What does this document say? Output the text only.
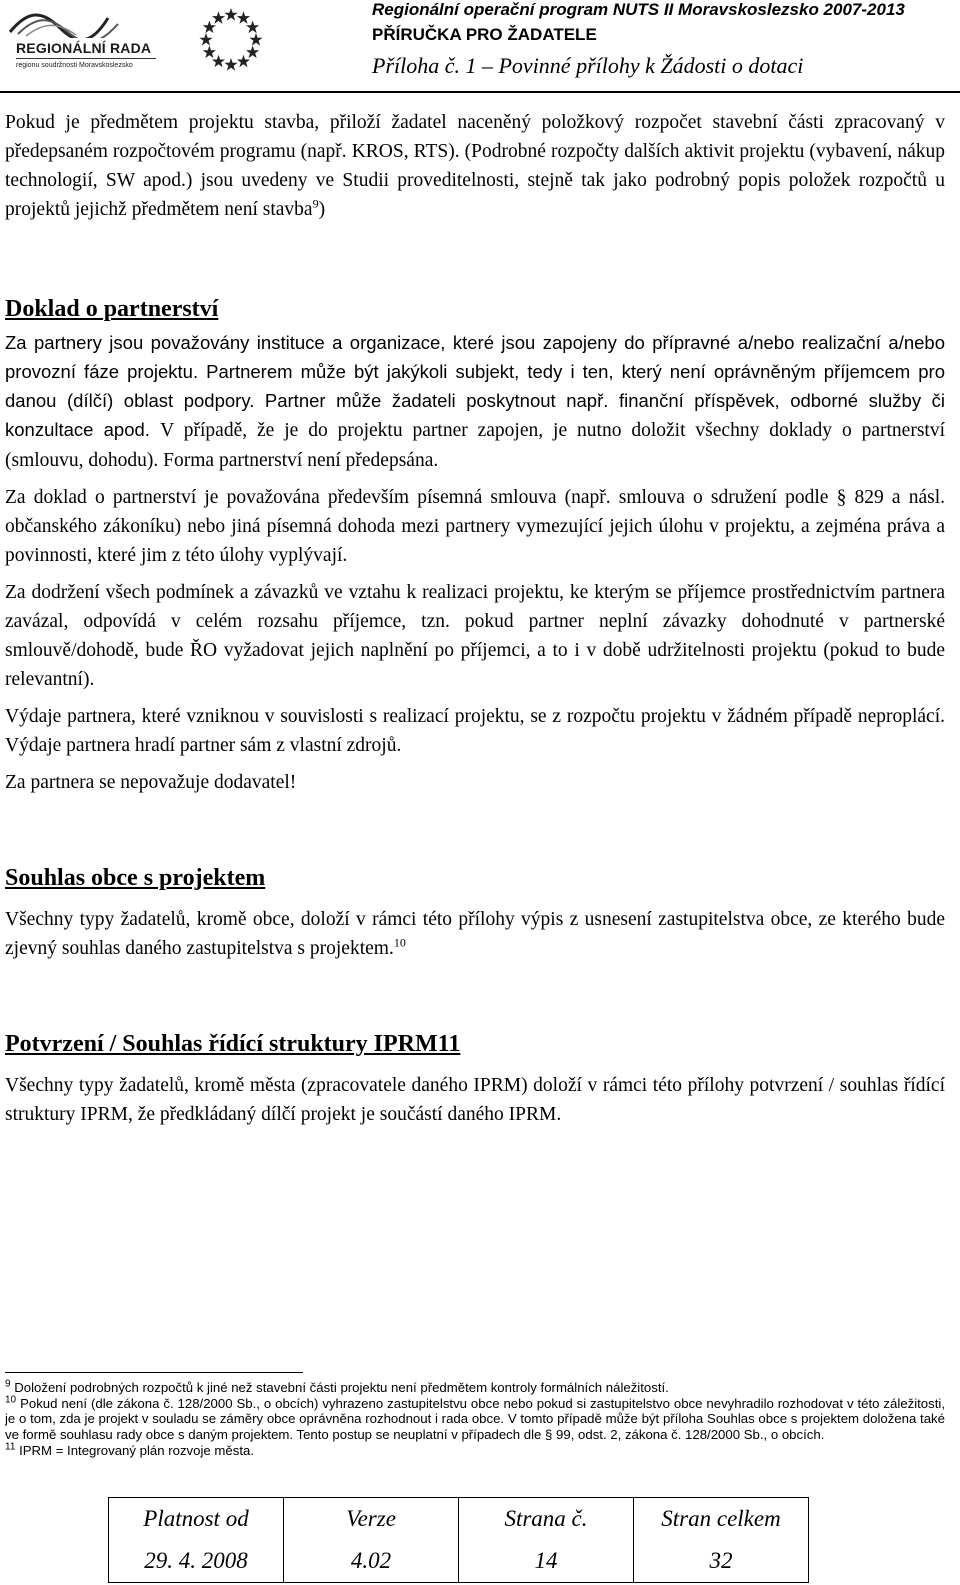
REGIONÁLNÍ RADA
regionu soudržnosti Moravskoslezsko
Regionální operační program NUTS II Moravskoslezsko 2007-2013
PŘÍRUČKA PRO ŽADATELE
Příloha č. 1 – Povinné přílohy k Žádosti o dotaci

Pokud je předmětem projektu stavba, přiloží žadatel naceněný položkový rozpočet stavební části zpracovaný v předepsaném rozpočtovém programu (např. KROS, RTS). (Podrobné rozpočty dalších aktivit projektu (vybavení, nákup technologií, SW apod.) jsou uvedeny ve Studii proveditelnosti, stejně tak jako podrobný popis položek rozpočtů u projektů jejichž předmětem není stavba$^9$)

Doklad o partnerství

Za partnery jsou považovány instituce a organizace, které jsou zapojeny do přípravné a/nebo realizační a/nebo provozní fáze projektu. Partnerem může být jakýkoli subjekt, tedy i ten, který není oprávněným příjemcem pro danou (dílčí) oblast podpory. Partner může žadateli poskytnout např. finanční příspěvek, odborné služby či konzultace apod. V případě, že je do projektu partner zapojen, je nutno doložit všechny doklady o partnerství (smlouvu, dohodu). Forma partnerství není předepsána.

Za doklad o partnerství je považována především písemná smlouva (např. smlouva o sdružení podle § 829 a násl. občanského zákoníku) nebo jiná písemná dohoda mezi partnery vymezující jejich úlohu v projektu, a zejména práva a povinnosti, které jim z této úlohy vyplývají.

Za dodržení všech podmínek a závazků ve vztahu k realizaci projektu, ke kterým se příjemce prostřednictvím partnera zavázal, odpovídá v celém rozsahu příjemce, tzn. pokud partner neplní závazky dohodnuté v partnerské smlouvě/dohodě, bude ŘO vyžadovat jejich naplnění po příjemci, a to i v době udržitelnosti projektu (pokud to bude relevantní).

Výdaje partnera, které vzniknou v souvislosti s realizací projektu, se z rozpočtu projektu v žádném případě neproplácí. Výdaje partnera hradí partner sám z vlastní zdrojů.

Za partnera se nepovažuje dodavatel!

Souhlas obce s projektem

Všechny typy žadatelů, kromě obce, doloží v rámci této přílohy výpis z usnesení zastupitelstva obce, ze kterého bude zjevný souhlas daného zastupitelstva s projektem.$^{10}$

Potvrzení / Souhlas řídící struktury IPRM11

Všechny typy žadatelů, kromě města (zpracovatele daného IPRM) doloží v rámci této přílohy potvrzení / souhlas řídící struktury IPRM, že předkládaný dílčí projekt je součástí daného IPRM.

$^9$ Doložení podrobných rozpočtů k jiné než stavební části projektu není předmětem kontroly formálních náležitostí.
$^{10}$ Pokud není (dle zákona č. 128/2000 Sb., o obcích) vyhrazeno zastupitelstvu obce nebo pokud si zastupitelstvo obce nevyhradilo rozhodovat v této záležitosti, je o tom, zda je projekt v souladu se záměry obce oprávněna rozhodnout i rada obce. V tomto případě může být příloha Souhlas obce s projektem doložena také ve formě souhlasu rady obce s daným projektem. Tento postup se neuplatní v případech dle § 99, odst. 2, zákona č. 128/2000 Sb., o obcích.
$^{11}$ IPRM = Integrovaný plán rozvoje města.
Platnost od	Verze	Strana č.	Stran celkem
29. 4. 2008	4.02	14	32
